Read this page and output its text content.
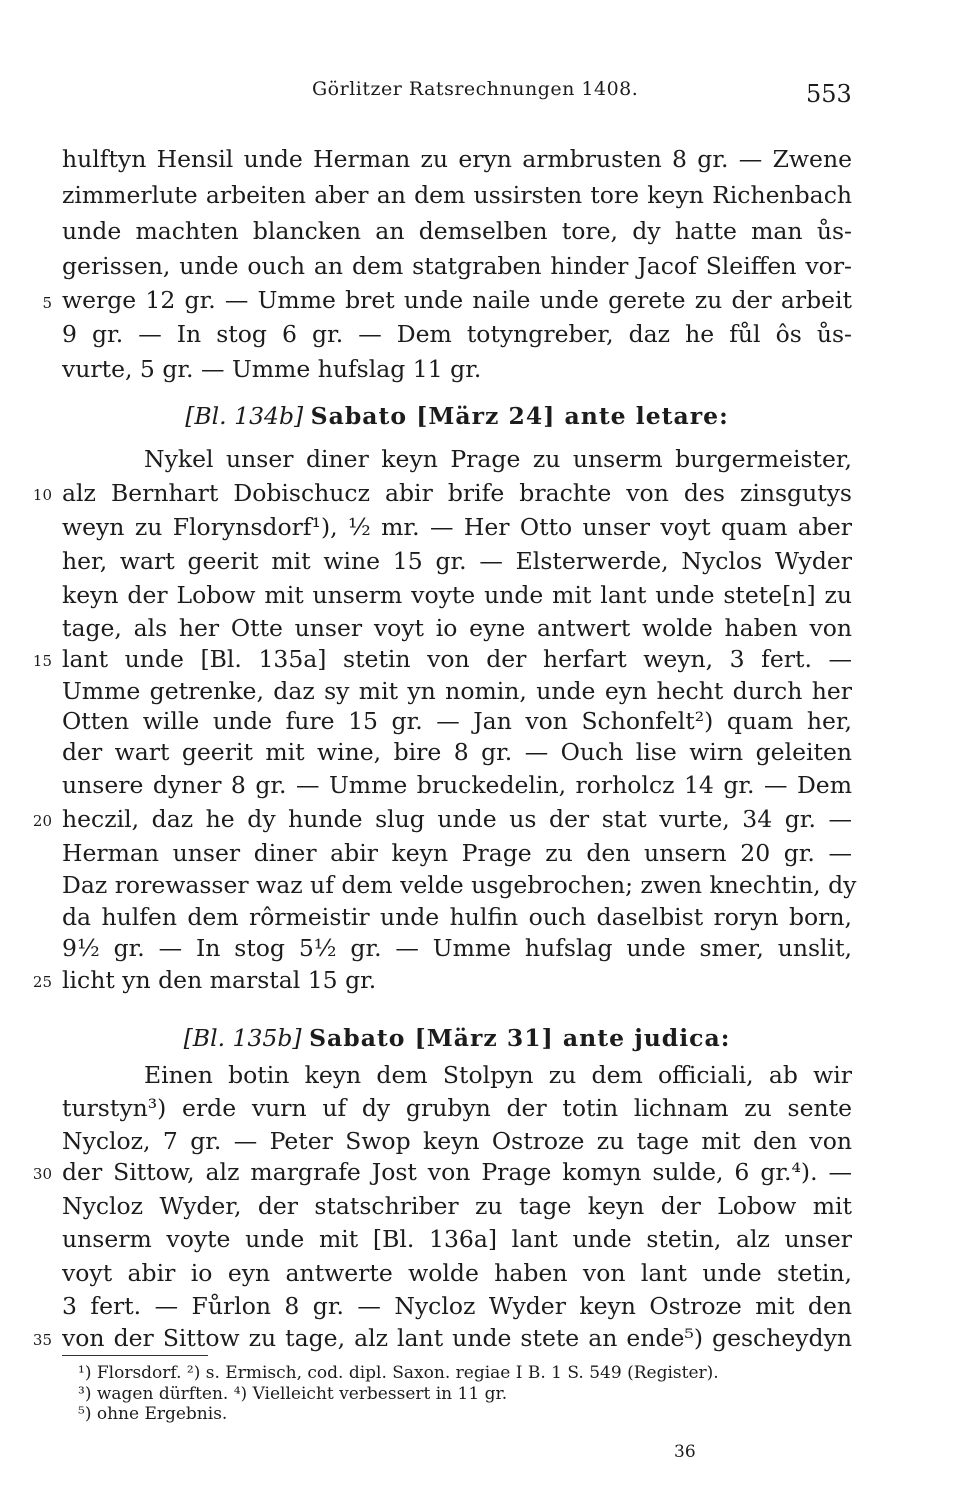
Görlitzer Ratsrechnungen 1408.	553
hulftyn Hensil unde Herman zu eryn armbrusten 8 gr. — Zwene
zimmerlute arbeiten aber an dem ussirsten tore keyn Richenbach
unde machten blancken an demselben tore, dy hatte man ůs-
gerissen, unde ouch an dem statgraben hinder Jacof Sleiffen vor-
werge 12 gr. — Umme bret unde naile unde gerete zu der arbeit
9 gr. — In stog 6 gr. — Dem totyngreber, daz he fůl ôs ůs-
vurte, 5 gr. — Umme hufslag 11 gr.
[Bl. 134b] Sabato [März 24] ante letare:
Nykel unser diner keyn Prage zu unserm burgermeister,
alz Bernhart Dobischucz abir brife brachte von des zinsgutys
weyn zu Florynsdorf¹), ½ mr. — Her Otto unser voyt quam aber
her, wart geerit mit wine 15 gr. — Elsterwerde, Nyclos Wyder
keyn der Lobow mit unserm voyte unde mit lant unde stete[n] zu
tage, als her Otte unser voyt io eyne antwert wolde haben von
lant unde [Bl. 135a] stetin von der herfart weyn, 3 fert. —
Umme getrenke, daz sy mit yn nomin, unde eyn hecht durch her
Otten wille unde fure 15 gr. — Jan von Schonfelt²) quam her,
der wart geerit mit wine, bire 8 gr. — Ouch lise wirn geleiten
unsere dyner 8 gr. — Umme bruckedelin, rorholcz 14 gr. — Dem
heczil, daz he dy hunde slug unde us der stat vurte, 34 gr. —
Herman unser diner abir keyn Prage zu den unsern 20 gr. —
Daz rorewasser waz uf dem velde usgebrochen; zwen knechtin, dy
da hulfen dem rôrmeistir unde hulfin ouch daselbist roryn born,
9½ gr. — In stog 5½ gr. — Umme hufslag unde smer, unslit,
licht yn den marstal 15 gr.
[Bl. 135b] Sabato [März 31] ante judica:
Einen botin keyn dem Stolpyn zu dem officiali, ab wir
turstyn³) erde vurn uf dy grubyn der totin lichnam zu sente
Nycloz, 7 gr. — Peter Swop keyn Ostroze zu tage mit den von
der Sittow, alz margrafe Jost von Prage komyn sulde, 6 gr.⁴). —
Nycloz Wyder, der statschriber zu tage keyn der Lobow mit
unserm voyte unde mit [Bl. 136a] lant unde stetin, alz unser
voyt abir io eyn antwerte wolde haben von lant unde stetin,
3 fert. — Fůrlon 8 gr. — Nycloz Wyder keyn Ostroze mit den
von der Sittow zu tage, alz lant unde stete an ende⁵) gescheydyn
5
10
15
20
25
30
35
¹) Florsdorf. ²) s. Ermisch, cod. dipl. Saxon. regiae I B. 1 S. 549 (Register).
³) wagen dürften. ⁴) Vielleicht verbessert in 11 gr.
⁵) ohne Ergebnis.
36
